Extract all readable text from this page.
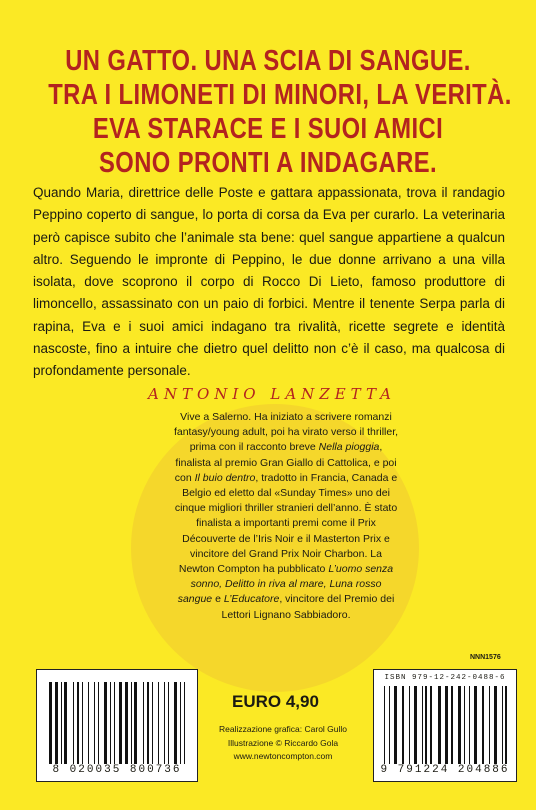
UN GATTO. UNA SCIA DI SANGUE.
TRA I LIMONETI DI MINORI, LA VERITÀ.
EVA STARACE E I SUOI AMICI
SONO PRONTI A INDAGARE.
Quando Maria, direttrice delle Poste e gattara appassionata, trova il randagio Peppino coperto di sangue, lo porta di corsa da Eva per curarlo. La veterinaria però capisce subito che l’animale sta bene: quel sangue appartiene a qualcun altro. Seguendo le impronte di Peppino, le due donne arrivano a una villa isolata, dove scoprono il corpo di Rocco Di Lieto, famoso produttore di limoncello, assassinato con un paio di forbici. Mentre il tenente Serpa parla di rapina, Eva e i suoi amici indagano tra rivalità, ricette segrete e identità nascoste, fino a intuire che dietro quel delitto non c’è il caso, ma qualcosa di profondamente personale.
ANTONIO LANZETTA
Vive a Salerno. Ha iniziato a scrivere romanzi fantasy/young adult, poi ha virato verso il thriller, prima con il racconto breve Nella pioggia, finalista al premio Gran Giallo di Cattolica, e poi con Il buio dentro, tradotto in Francia, Canada e Belgio ed eletto dal «Sunday Times» uno dei cinque migliori thriller stranieri dell’anno. È stato finalista a importanti premi come il Prix Découverte de l’Iris Noir e il Masterton Prix e vincitore del Grand Prix Noir Charbon. La Newton Compton ha pubblicato L’uomo senza sonno, Delitto in riva al mare, Luna rosso sangue e L’Educatore, vincitore del Premio dei Lettori Lignano Sabbiadoro.
NNN1576
8 020035 800736
EURO 4,90
Realizzazione grafica: Carol Gullo
Illustrazione © Riccardo Gola
www.newtoncompton.com
ISBN 979-12-242-0488-6
9 791224 204886
